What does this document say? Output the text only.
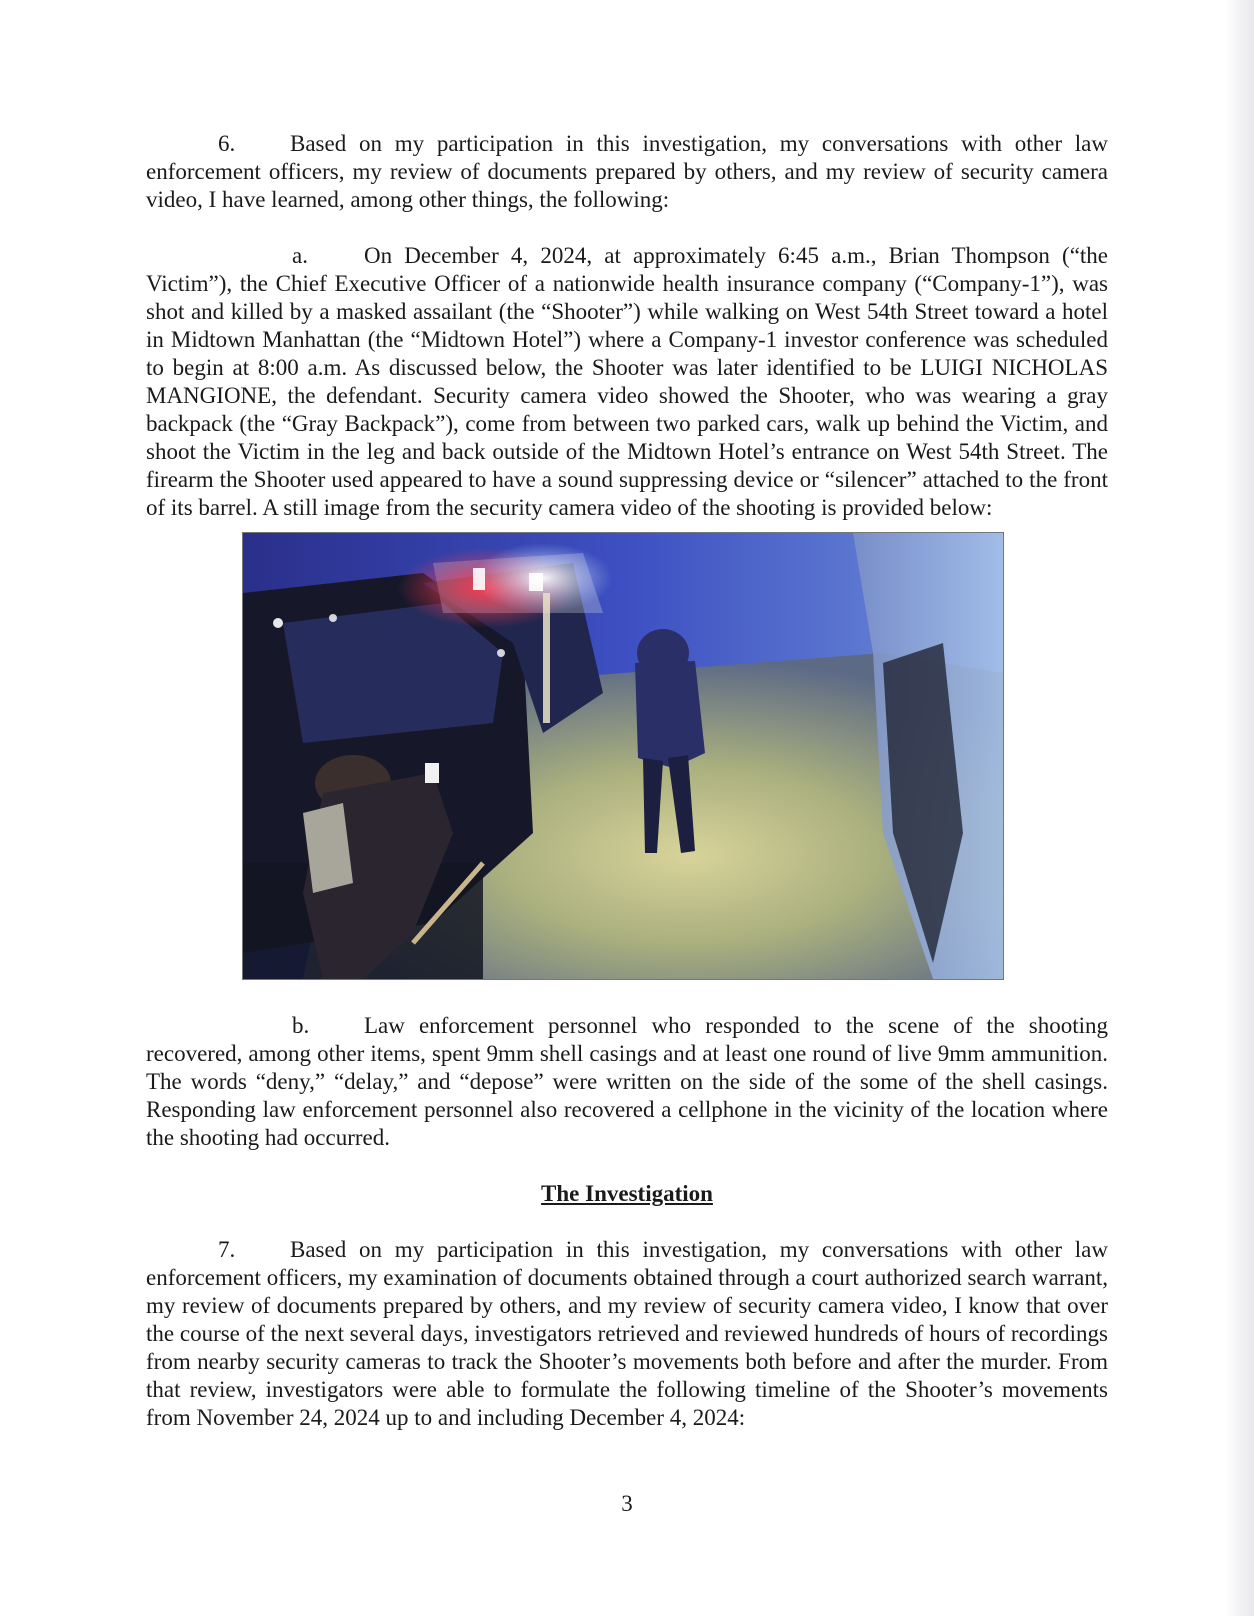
6. Based on my participation in this investigation, my conversations with other law enforcement officers, my review of documents prepared by others, and my review of security camera video, I have learned, among other things, the following:

a. On December 4, 2024, at approximately 6:45 a.m., Brian Thompson (“the Victim”), the Chief Executive Officer of a nationwide health insurance company (“Company-1”), was shot and killed by a masked assailant (the “Shooter”) while walking on West 54th Street toward a hotel in Midtown Manhattan (the “Midtown Hotel”) where a Company-1 investor conference was scheduled to begin at 8:00 a.m. As discussed below, the Shooter was later identified to be LUIGI NICHOLAS MANGIONE, the defendant. Security camera video showed the Shooter, who was wearing a gray backpack (the “Gray Backpack”), come from between two parked cars, walk up behind the Victim, and shoot the Victim in the leg and back outside of the Midtown Hotel’s entrance on West 54th Street. The firearm the Shooter used appeared to have a sound suppressing device or “silencer” attached to the front of its barrel. A still image from the security camera video of the shooting is provided below:

b. Law enforcement personnel who responded to the scene of the shooting recovered, among other items, spent 9mm shell casings and at least one round of live 9mm ammunition. The words “deny,” “delay,” and “depose” were written on the side of the some of the shell casings. Responding law enforcement personnel also recovered a cellphone in the vicinity of the location where the shooting had occurred.

The Investigation

7. Based on my participation in this investigation, my conversations with other law enforcement officers, my examination of documents obtained through a court authorized search warrant, my review of documents prepared by others, and my review of security camera video, I know that over the course of the next several days, investigators retrieved and reviewed hundreds of hours of recordings from nearby security cameras to track the Shooter’s movements both before and after the murder. From that review, investigators were able to formulate the following timeline of the Shooter’s movements from November 24, 2024 up to and including December 4, 2024:

3
